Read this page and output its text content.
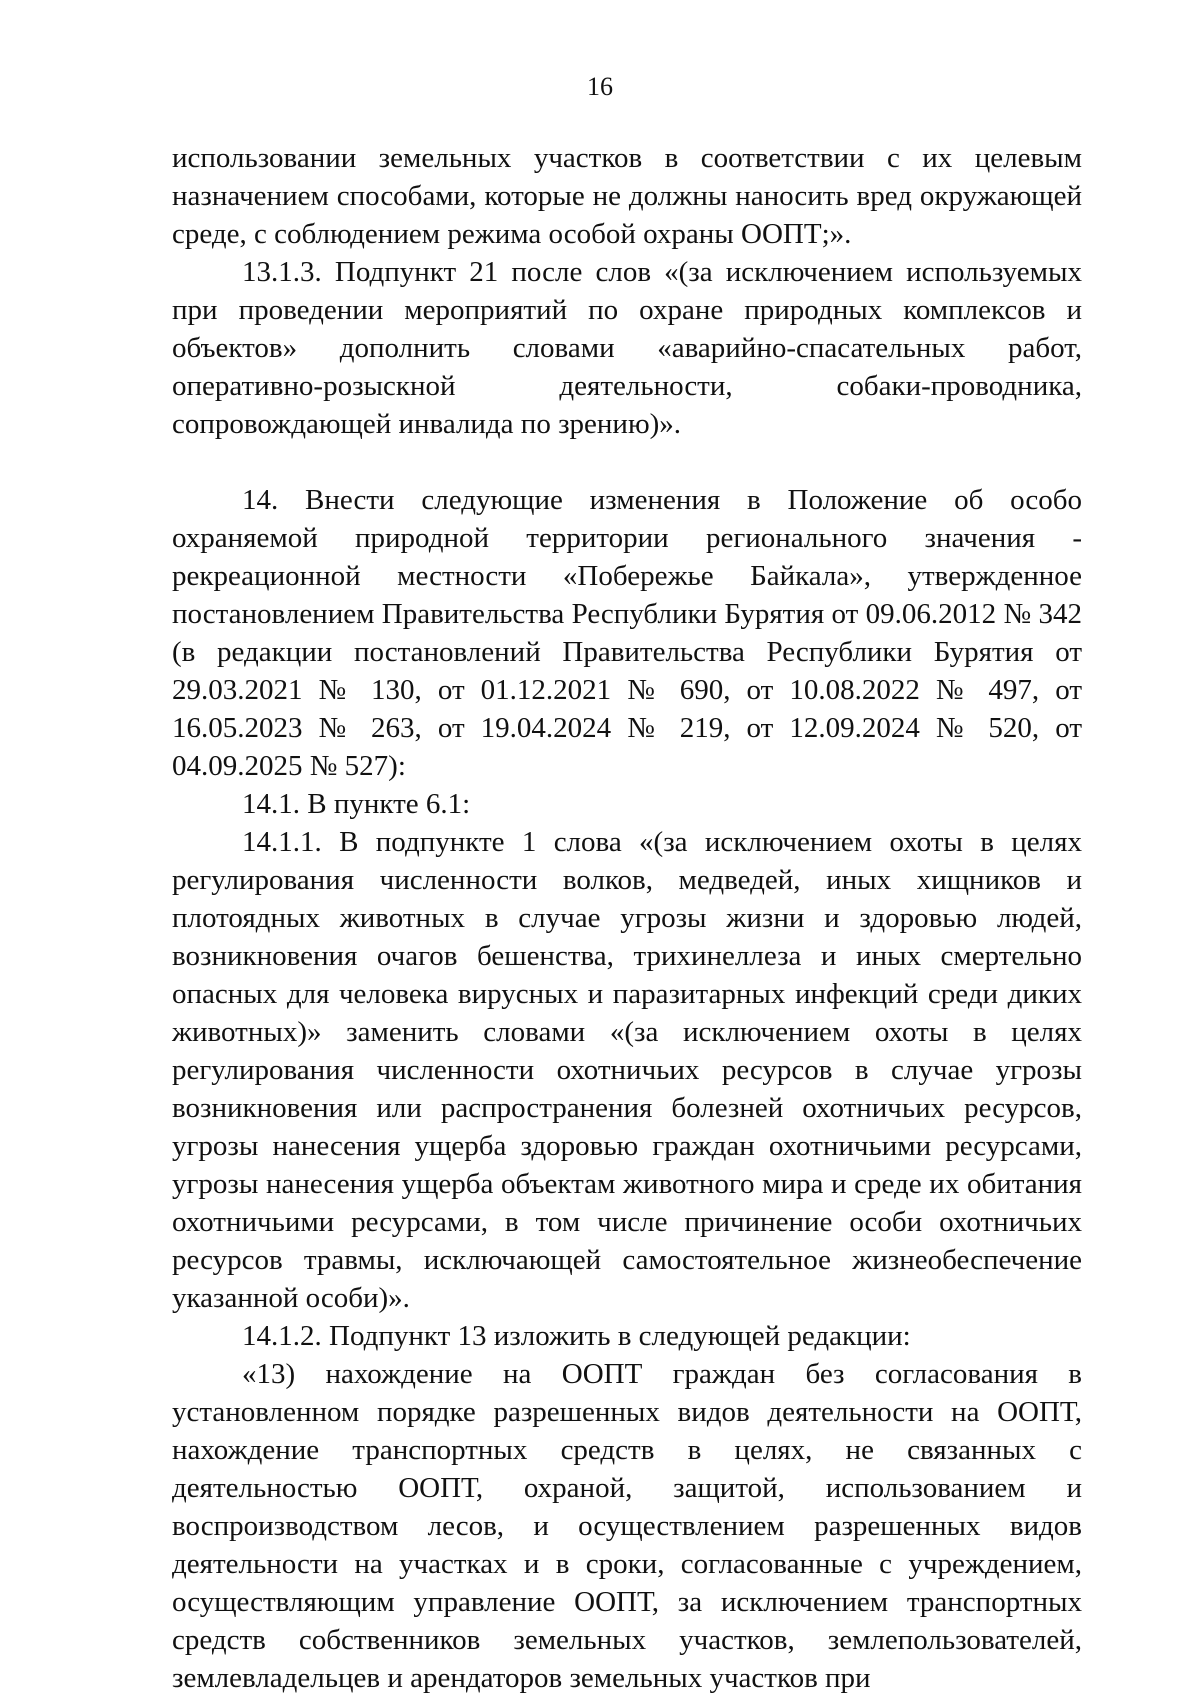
16

использовании земельных участков в соответствии с их целевым назначением способами, которые не должны наносить вред окружающей среде, с соблюдением режима особой охраны ООПТ;».

13.1.3. Подпункт 21 после слов «(за исключением используемых при проведении мероприятий по охране природных комплексов и объектов» дополнить словами «аварийно-спасательных работ, оперативно-розыскной деятельности, собаки-проводника, сопровождающей инвалида по зрению)».

14. Внести следующие изменения в Положение об особо охраняемой природной территории регионального значения - рекреационной местности «Побережье Байкала», утвержденное постановлением Правительства Республики Бурятия от 09.06.2012 № 342 (в редакции постановлений Правительства Республики Бурятия от 29.03.2021 № 130, от 01.12.2021 № 690, от 10.08.2022 № 497, от 16.05.2023 № 263, от 19.04.2024 № 219, от 12.09.2024 № 520, от 04.09.2025 № 527):

14.1. В пункте 6.1:

14.1.1. В подпункте 1 слова «(за исключением охоты в целях регулирования численности волков, медведей, иных хищников и плотоядных животных в случае угрозы жизни и здоровью людей, возникновения очагов бешенства, трихинеллеза и иных смертельно опасных для человека вирусных и паразитарных инфекций среди диких животных)» заменить словами «(за исключением охоты в целях регулирования численности охотничьих ресурсов в случае угрозы возникновения или распространения болезней охотничьих ресурсов, угрозы нанесения ущерба здоровью граждан охотничьими ресурсами, угрозы нанесения ущерба объектам животного мира и среде их обитания охотничьими ресурсами, в том числе причинение особи охотничьих ресурсов травмы, исключающей самостоятельное жизнеобеспечение указанной особи)».

14.1.2. Подпункт 13 изложить в следующей редакции:

«13) нахождение на ООПТ граждан без согласования в установленном порядке разрешенных видов деятельности на ООПТ, нахождение транспортных средств в целях, не связанных с деятельностью ООПТ, охраной, защитой, использованием и воспроизводством лесов, и осуществлением разрешенных видов деятельности на участках и в сроки, согласованные с учреждением, осуществляющим управление ООПТ, за исключением транспортных средств собственников земельных участков, землепользователей, землевладельцев и арендаторов земельных участков при
